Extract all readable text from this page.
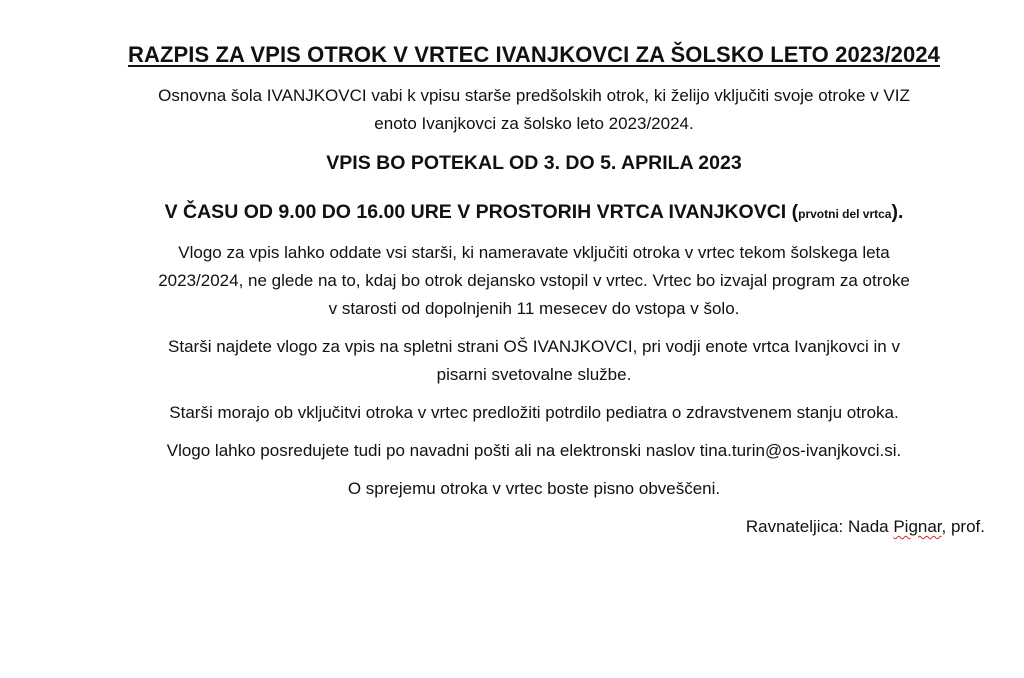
RAZPIS ZA VPIS OTROK V VRTEC IVANJKOVCI ZA ŠOLSKO LETO 2023/2024
Osnovna šola IVANJKOVCI vabi k vpisu starše predšolskih otrok, ki želijo vključiti svoje otroke v VIZ
enoto Ivanjkovci za šolsko leto 2023/2024.
VPIS BO POTEKAL OD 3. DO 5. APRILA 2023
V ČASU OD 9.00 DO 16.00 URE V PROSTORIH VRTCA IVANJKOVCI (prvotni del vrtca).
Vlogo za vpis lahko oddate vsi starši, ki nameravate vključiti otroka v vrtec tekom šolskega leta
2023/2024, ne glede na to, kdaj bo otrok dejansko vstopil v vrtec. Vrtec bo izvajal program za otroke
v starosti od dopolnjenih 11 mesecev do vstopa v šolo.
Starši najdete vlogo za vpis na spletni strani OŠ IVANJKOVCI, pri vodji enote vrtca Ivanjkovci in v
pisarni svetovalne službe.
Starši morajo ob vključitvi otroka v vrtec predložiti potrdilo pediatra o zdravstvenem stanju otroka.
Vlogo lahko posredujete tudi po navadni pošti ali na elektronski naslov tina.turin@os-ivanjkovci.si.
O sprejemu otroka v vrtec boste pisno obveščeni.
Ravnateljica: Nada Pignar, prof.
